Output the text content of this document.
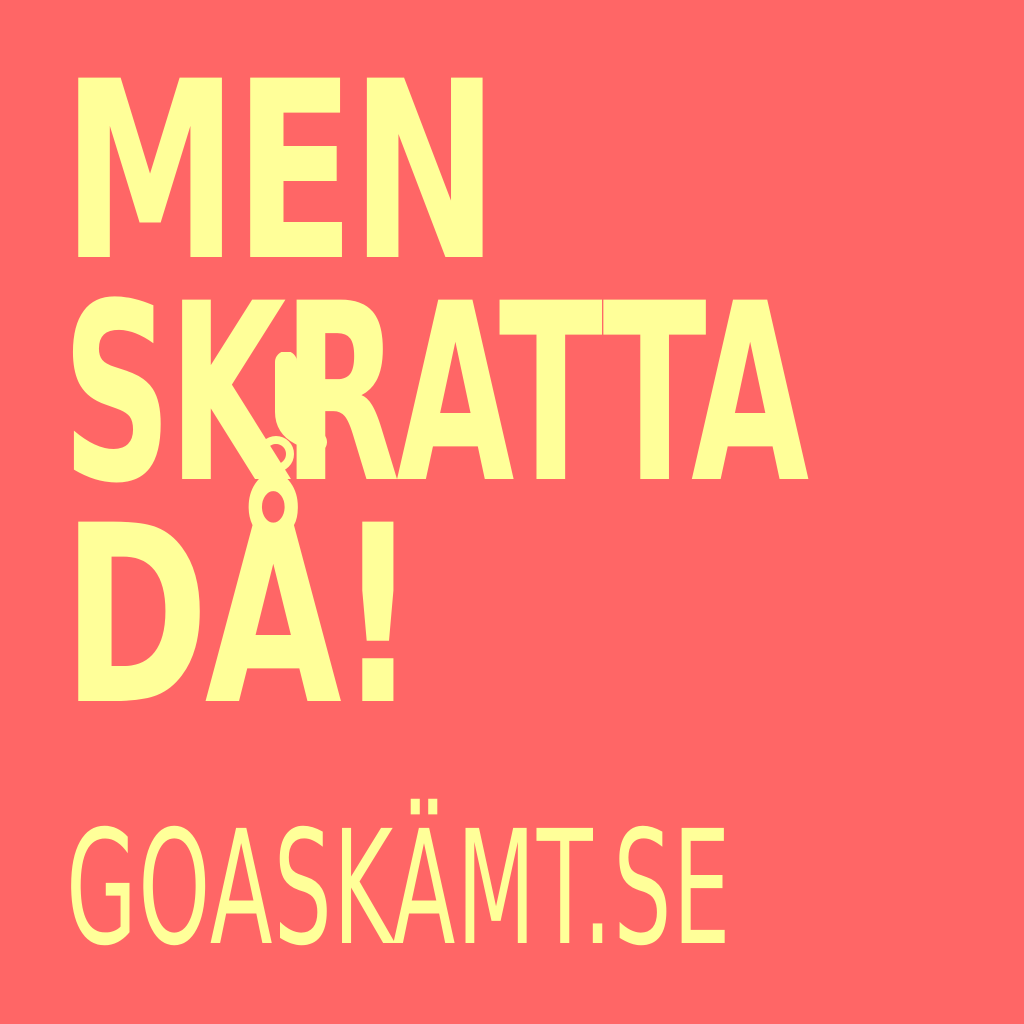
MEN
SKRATTA
DÅ!
GOASKÄMT.SE
